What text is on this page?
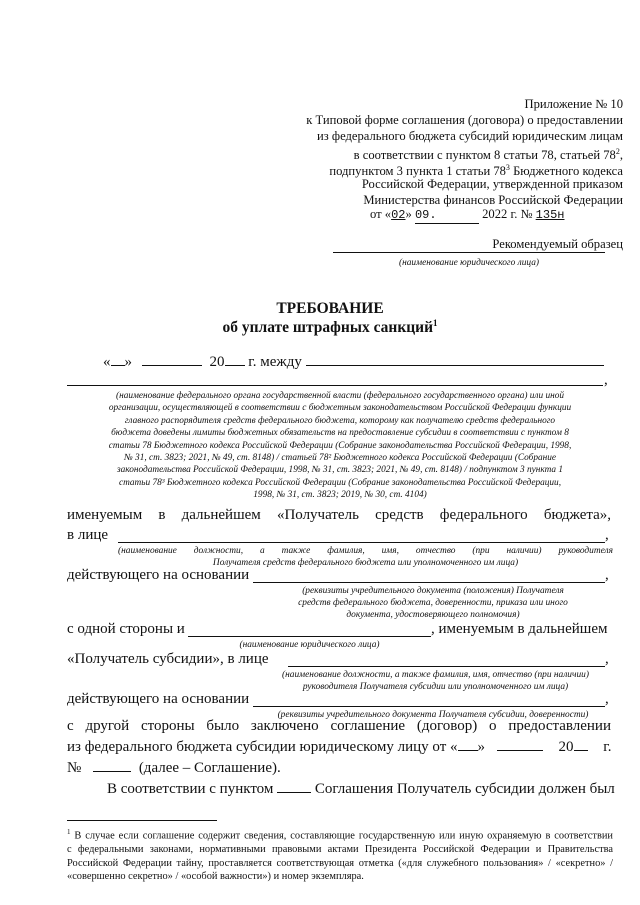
Приложение № 10
к Типовой форме соглашения (договора) о предоставлении
из федерального бюджета субсидий юридическим лицам
в соответствии с пунктом 8 статьи 78, статьей $78^2$,
подпунктом 3 пункта 1 статьи $78^3$ Бюджетного кодекса
Российской Федерации, утвержденной приказом
Министерства финансов Российской Федерации
от «02» 09.	2022 г. № 135н
Рекомендуемый образец
(наименование юридического лица)
ТРЕБОВАНИЕ
об уплате штрафных санкций$^1$
« »	20 г. между
,
(наименование федерального органа государственной власти (федерального государственного органа) или иной
организации, осуществляющей в соответствии с бюджетным законодательством Российской Федерации функции
главного распорядителя средств федерального бюджета, которому как получателю средств федерального
бюджета доведены лимиты бюджетных обязательств на предоставление субсидии в соответствии с пунктом 8
статьи 78 Бюджетного кодекса Российской Федерации (Собрание законодательства Российской Федерации, 1998,
№ 31, ст. 3823; 2021, № 49, ст. 8148) / статьей 78² Бюджетного кодекса Российской Федерации (Собрание
законодательства Российской Федерации, 1998, № 31, ст. 3823; 2021, № 49, ст. 8148) / подпунктом 3 пункта 1
статьи 78³ Бюджетного кодекса Российской Федерации (Собрание законодательства Российской Федерации,
1998, № 31, ст. 3823; 2019, № 30, ст. 4104)
именуемым в дальнейшем «Получатель средств федерального бюджета»,
в лице	,
(наименование должности, а также фамилия, имя, отчество (при наличии) руководителя
Получателя средств федерального бюджета или уполномоченного им лица)
действующего на основании	,
(реквизиты учредительного документа (положения) Получателя
средств федерального бюджета, доверенности, приказа или иного
документа, удостоверяющего полномочия)
с одной стороны и	, именуемым в дальнейшем
(наименование юридического лица)
«Получатель субсидии», в лице	,
(наименование должности, а также фамилия, имя, отчество (при наличии)
руководителя Получателя субсидии или уполномоченного им лица)
действующего на основании	,
(реквизиты учредительного документа Получателя субсидии, доверенности)
с другой стороны было заключено соглашение (договор) о предоставлении
из федерального бюджета субсидии юридическому лицу от « »	20 г.
№	(далее – Соглашение).
В соответствии с пунктом	Соглашения Получатель субсидии должен был
$^1$ В случае если соглашение содержит сведения, составляющие государственную или иную охраняемую в соответствии
с федеральными законами, нормативными правовыми актами Президента Российской Федерации и Правительства
Российской Федерации тайну, проставляется соответствующая отметка («для служебного пользования» / «секретно» /
«совершенно секретно» / «особой важности») и номер экземпляра.
